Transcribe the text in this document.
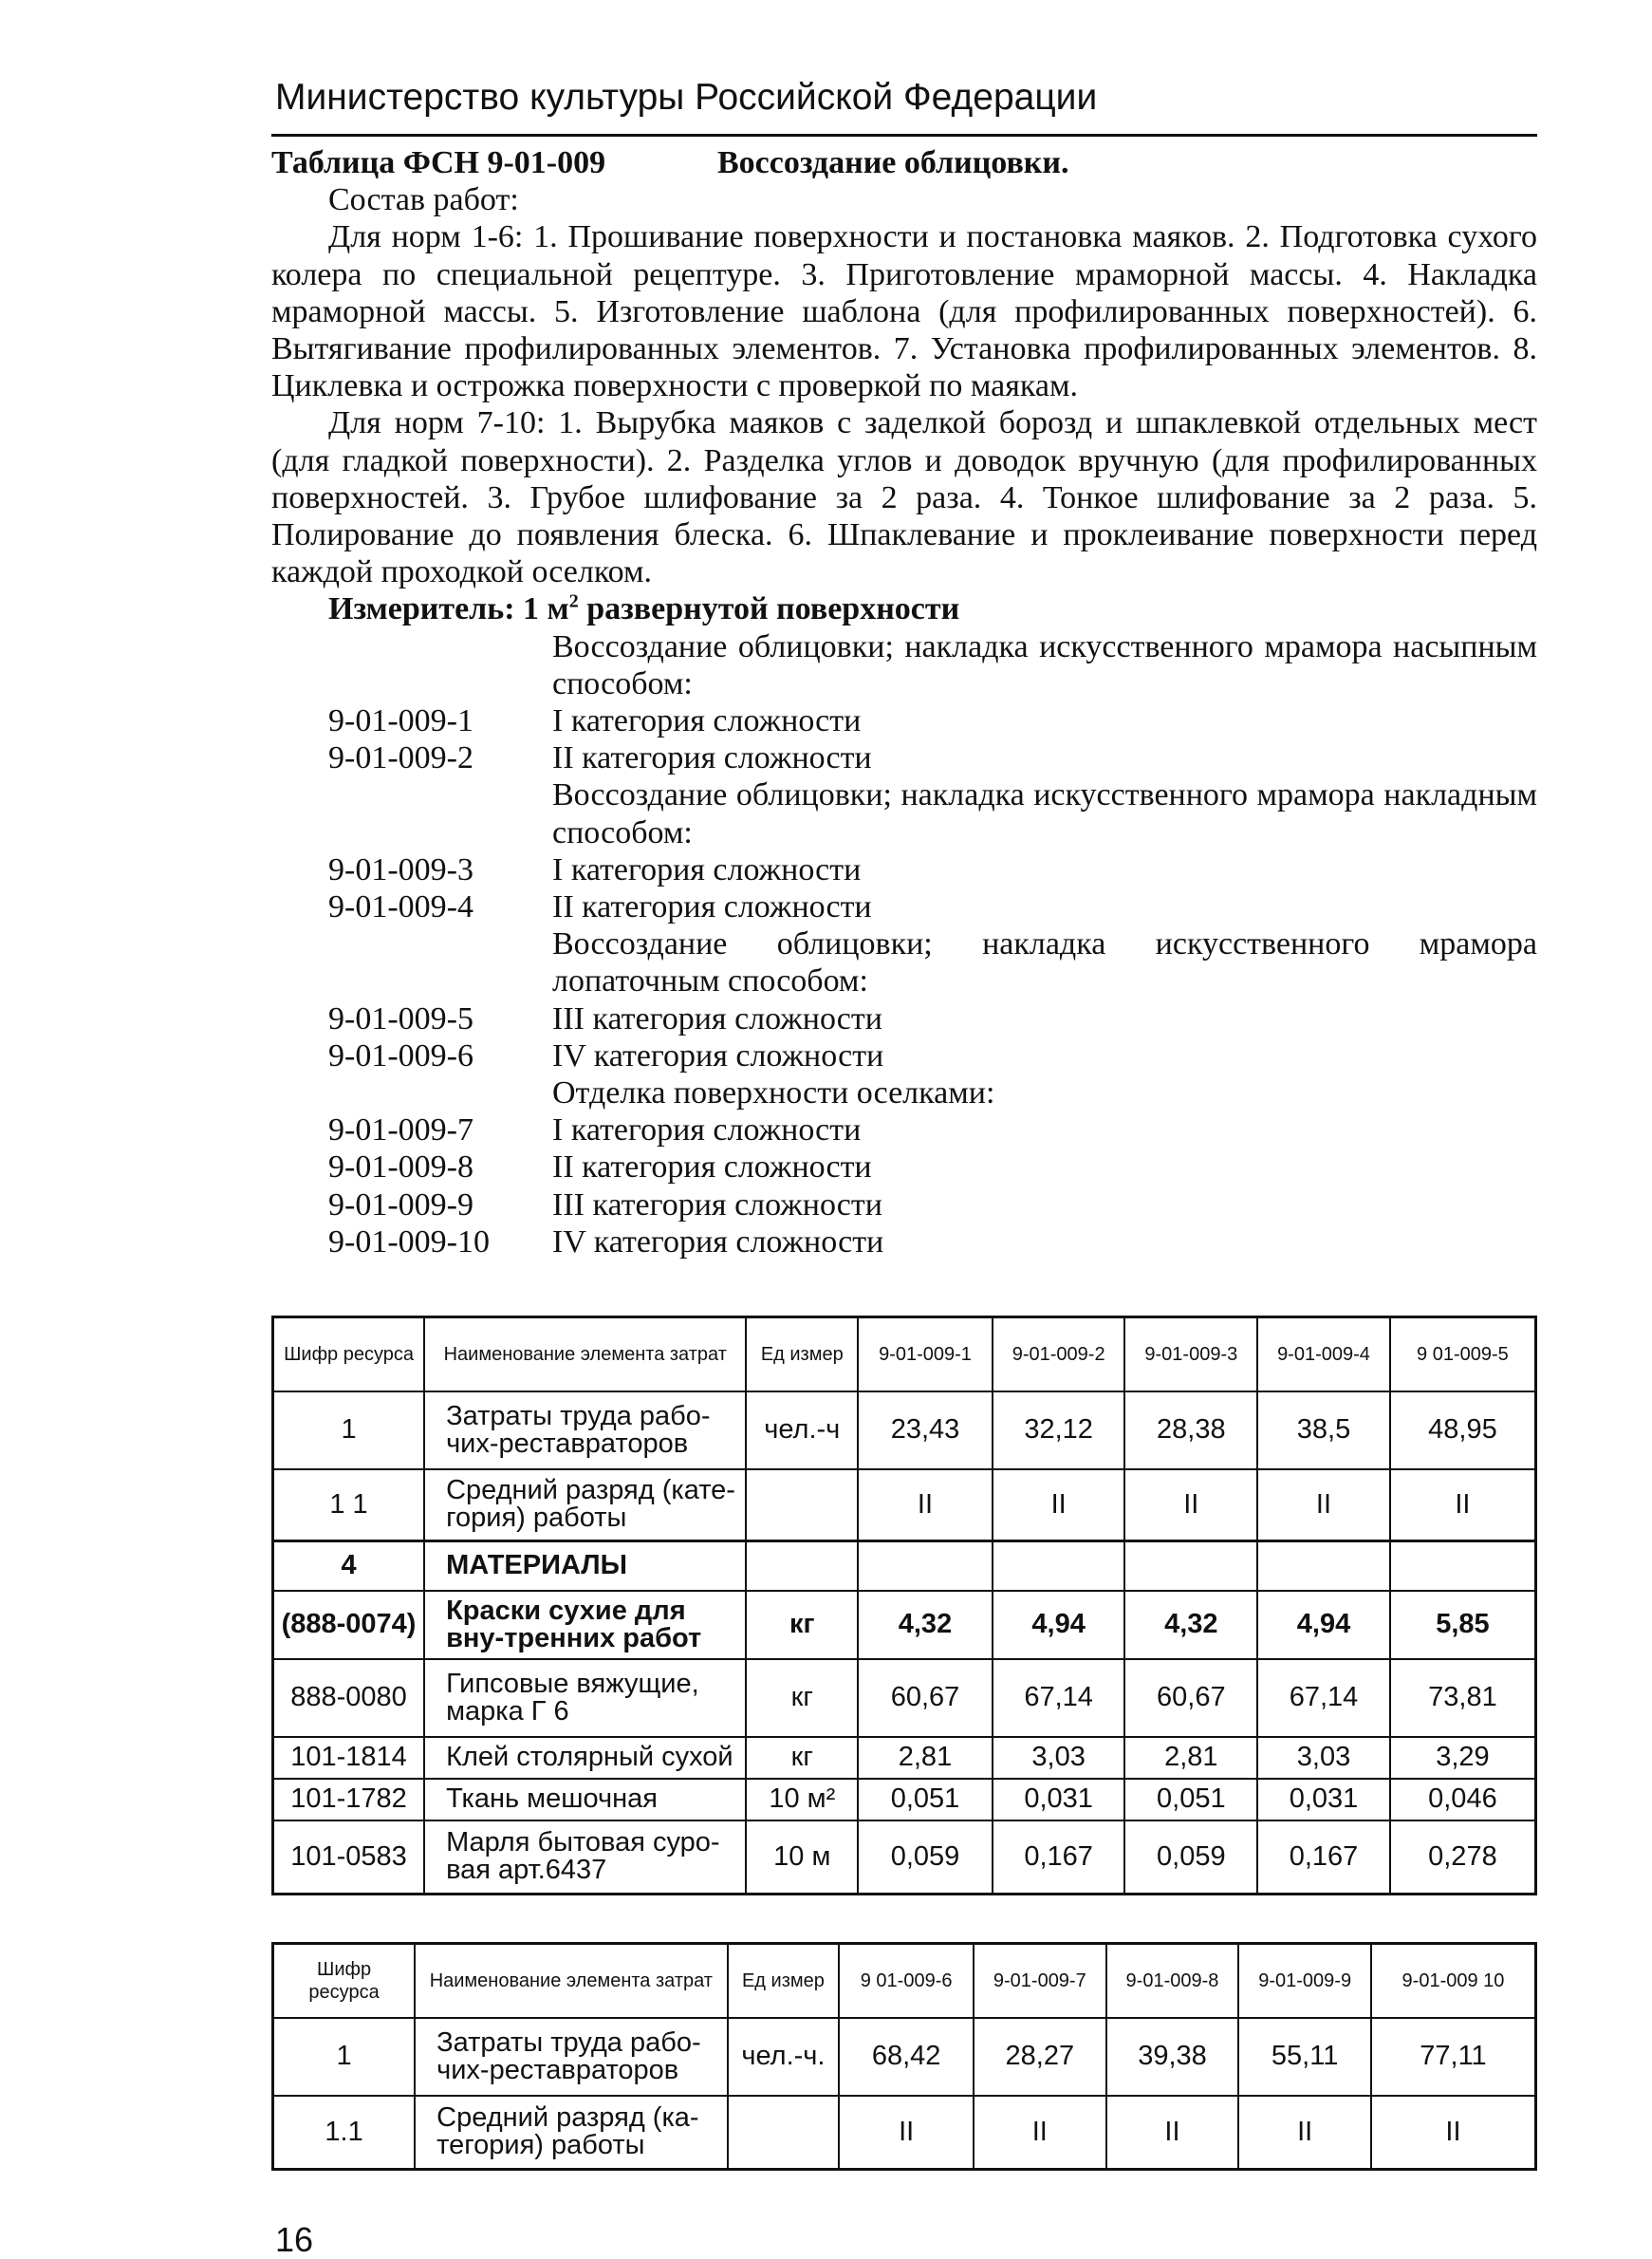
Министерство культуры Российской Федерации
Таблица ФСН 9-01-009	Воссоздание облицовки.
Состав работ:

Для норм 1-6: 1. Прошивание поверхности и постановка маяков. 2. Подготовка сухого колера по специальной рецептуре. 3. Приготовление мраморной массы. 4. Накладка мраморной массы. 5. Изготовление шаблона (для профилированных поверхностей). 6. Вытягивание профилированных элементов. 7. Установка профилированных элементов. 8. Циклевка и острожка поверхности с проверкой по маякам.

Для норм 7-10: 1. Вырубка маяков с заделкой борозд и шпаклевкой отдельных мест (для гладкой поверхности). 2. Разделка углов и доводок вручную (для профилированных поверхностей. 3. Грубое шлифование за 2 раза. 4. Тонкое шлифование за 2 раза. 5. Полирование до появления блеска. 6. Шпаклевание и проклеивание поверхности перед каждой проходкой оселком.

Измеритель: 1 $м^2$ развернутой поверхности
Воссоздание облицовки; накладка искусственного мрамора насыпным способом:
9-01-009-1	I категория сложности
9-01-009-2	II категория сложности
Воссоздание облицовки; накладка искусственного мрамора накладным способом:
9-01-009-3	I категория сложности
9-01-009-4	II категория сложности
Воссоздание облицовки; накладка искусственного мрамора лопаточным способом:
9-01-009-5	III категория сложности
9-01-009-6	IV категория сложности
Отделка поверхности оселками:
9-01-009-7	I категория сложности
9-01-009-8	II категория сложности
9-01-009-9	III категория сложности
9-01-009-10	IV категория сложности
Шифр ресурса	Наименование элемента затрат	Ед измер	9-01-009-1	9-01-009-2	9-01-009-3	9-01-009-4	9 01-009-5
1	Затраты труда рабо-чих-реставраторов	чел.-ч	23,43	32,12	28,38	38,5	48,95
1 1	Средний разряд (кате-гория) работы		II	II	II	II	II
4	МАТЕРИАЛЫ						
(888-0074)	Краски сухие для вну-тренних работ	кг	4,32	4,94	4,32	4,94	5,85
888-0080	Гипсовые вяжущие, марка Г 6	кг	60,67	67,14	60,67	67,14	73,81
101-1814	Клей столярный сухой	кг	2,81	3,03	2,81	3,03	3,29
101-1782	Ткань мешочная	10 м²	0,051	0,031	0,051	0,031	0,046
101-0583	Марля бытовая суро-вая арт.6437	10 м	0,059	0,167	0,059	0,167	0,278
Шифр ресурса	Наименование элемента затрат	Ед измер	9 01-009-6	9-01-009-7	9-01-009-8	9-01-009-9	9-01-009 10
1	Затраты труда рабо-чих-реставраторов	чел.-ч.	68,42	28,27	39,38	55,11	77,11
1.1	Средний разряд (ка-тегория) работы		II	II	II	II	II
16
